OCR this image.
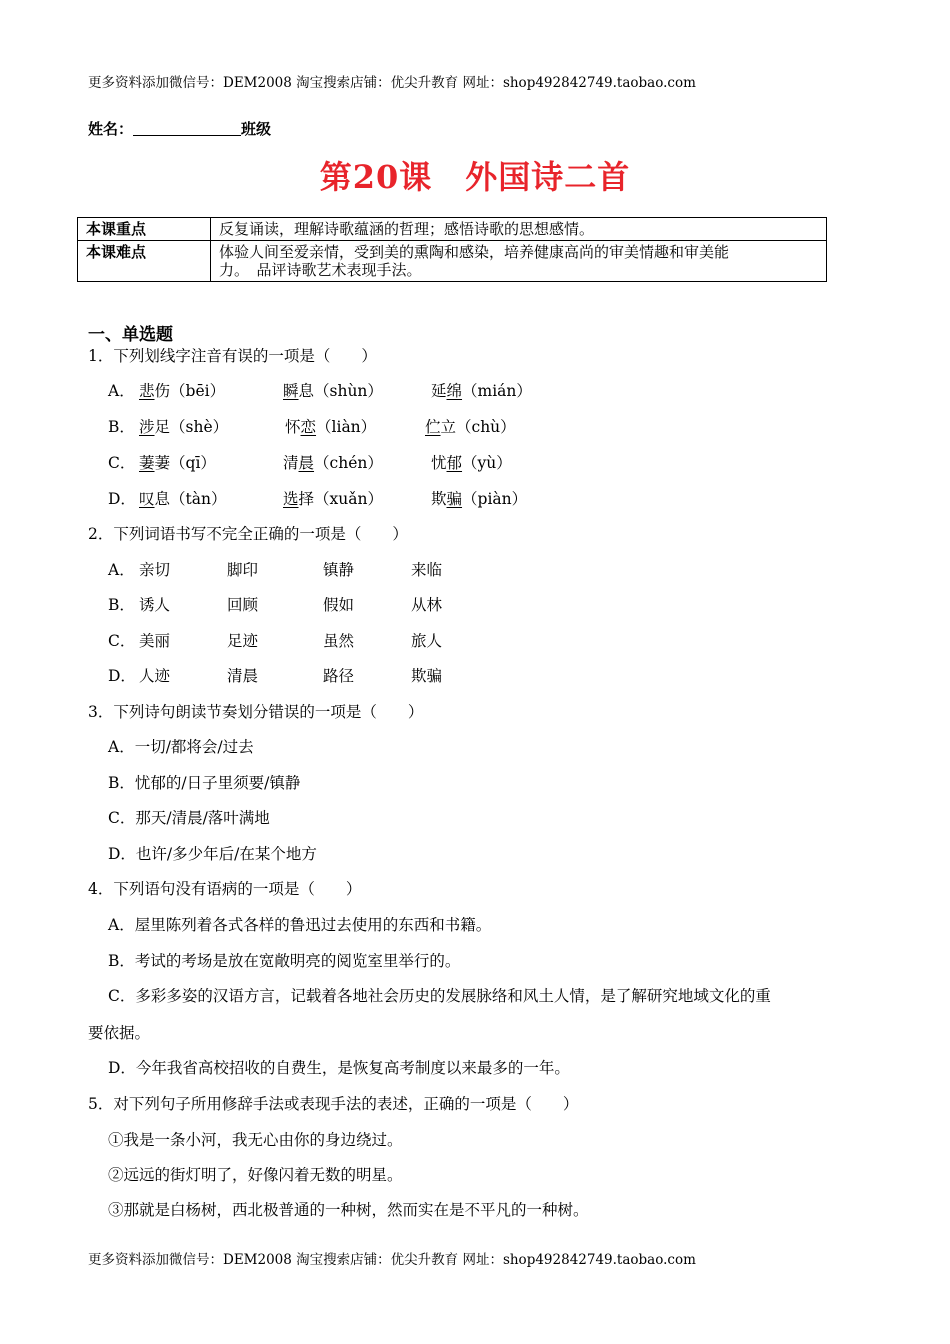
更多资料添加微信号：DEM2008 淘宝搜索店铺：优尖升教育 网址：shop492842749.taobao.com
姓名：	班级
第20课　外国诗二首
本课重点	反复诵读，理解诗歌蕴涵的哲理；感悟诗歌的思想感情。
本课难点	体验人间至爱亲情，受到美的熏陶和感染，培养健康高尚的审美情趣和审美能
力。　品评诗歌艺术表现手法。
一、单选题
1．下列划线字注音有误的一项是（　　）
A． 悲伤（bēi）	瞬息（shùn）	延绵（mián）
B． 涉足（shè）	怀恋（liàn）	伫立（chù）
C． 萋萋（qī）	清晨（chén）	忧郁（yù）
D． 叹息（tàn）	选择（xuǎn）	欺骗（piàn）
2．下列词语书写不完全正确的一项是（　　）
A． 亲切	脚印	镇静	来临
B． 诱人	回顾	假如	从林
C． 美丽	足迹	虽然	旅人
D． 人迹	清晨	路径	欺骗
3．下列诗句朗读节奏划分错误的一项是（　　）
A．一切/都将会/过去
B．忧郁的/日子里须要/镇静
C．那天/清晨/落叶满地
D．也许/多少年后/在某个地方
4．下列语句没有语病的一项是（　　）
A．屋里陈列着各式各样的鲁迅过去使用的东西和书籍。
B．考试的考场是放在宽敞明亮的阅览室里举行的。
C．多彩多姿的汉语方言，记载着各地社会历史的发展脉络和风土人情，是了解研究地域文化的重
要依据。
D．今年我省高校招收的自费生，是恢复高考制度以来最多的一年。
5．对下列句子所用修辞手法或表现手法的表述，正确的一项是（　　）
①我是一条小河，我无心由你的身边绕过。
②远远的街灯明了，好像闪着无数的明星。
③那就是白杨树，西北极普通的一种树，然而实在是不平凡的一种树。
更多资料添加微信号：DEM2008 淘宝搜索店铺：优尖升教育 网址：shop492842749.taobao.com
